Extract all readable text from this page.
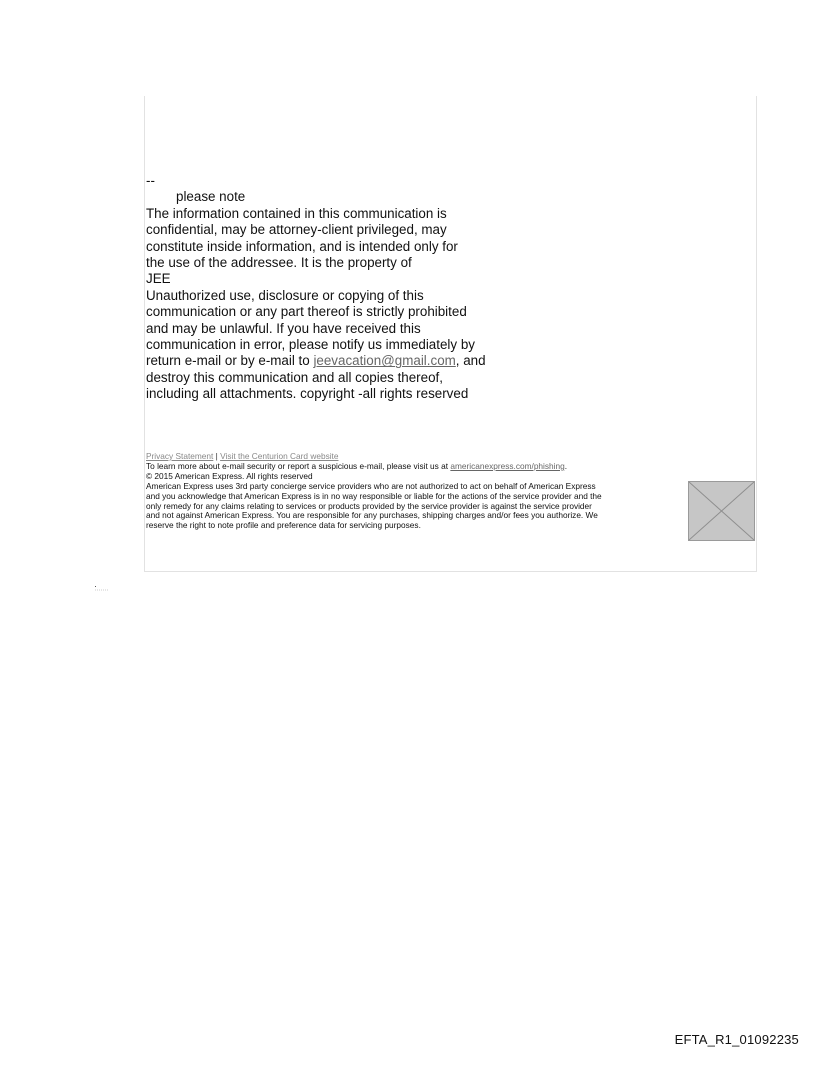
--
please note
The information contained in this communication is
confidential, may be attorney-client privileged, may
constitute inside information, and is intended only for
the use of the addressee. It is the property of
JEE
Unauthorized use, disclosure or copying of this
communication or any part thereof is strictly prohibited
and may be unlawful. If you have received this
communication in error, please notify us immediately by
return e-mail or by e-mail to jeevacation@gmail.com, and
destroy this communication and all copies thereof,
including all attachments. copyright -all rights reserved
Privacy Statement | Visit the Centurion Card website
To learn more about e-mail security or report a suspicious e-mail, please visit us at americanexpress.com/phishing.
© 2015 American Express. All rights reserved
American Express uses 3rd party concierge service providers who are not authorized to act on behalf of American Express
and you acknowledge that American Express is in no way responsible or liable for the actions of the service provider and the
only remedy for any claims relating to services or products provided by the service provider is against the service provider
and not against American Express. You are responsible for any purchases, shipping charges and/or fees you authorize. We
reserve the right to note profile and preference data for servicing purposes.
EFTA_R1_01092235
